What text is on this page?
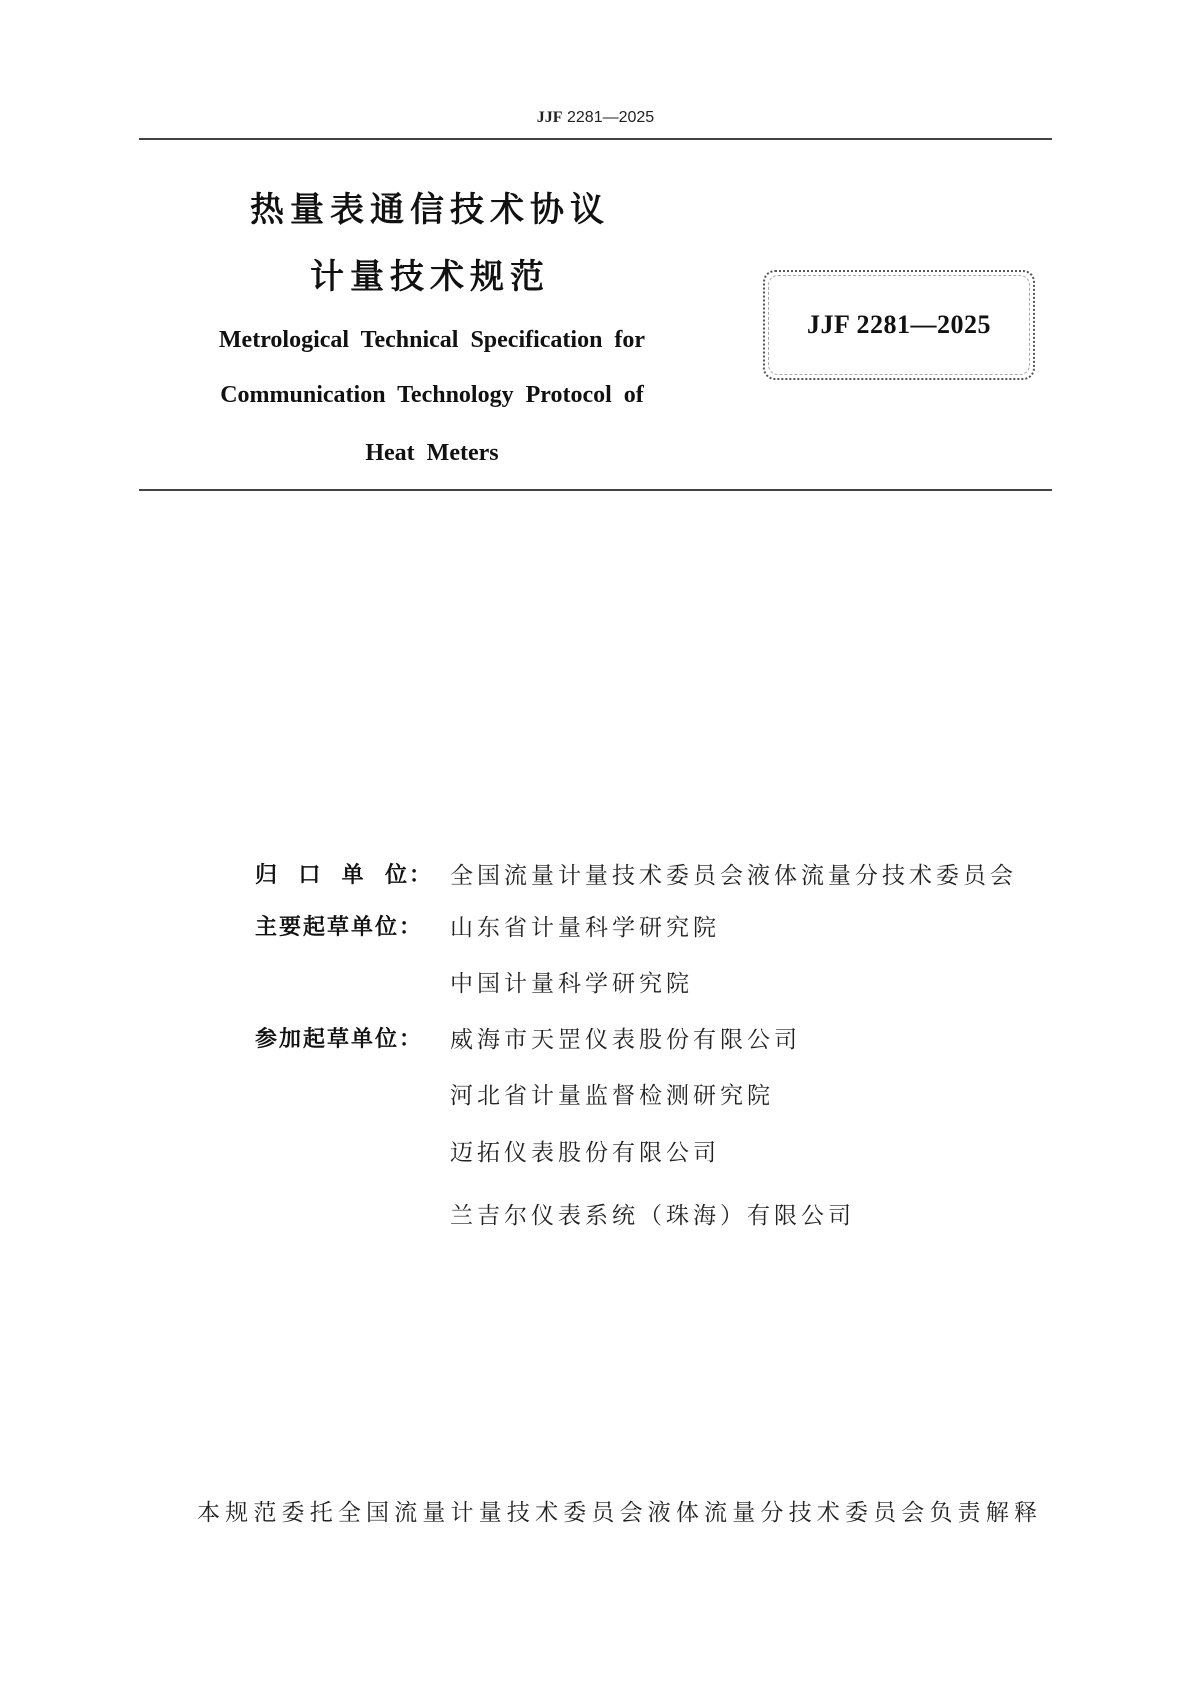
JJF 2281—2025
热量表通信技术协议
计量技术规范
Metrological Technical Specification for
Communication Technology Protocol of
Heat Meters
JJF 2281—2025
归  口  单  位： 全国流量计量技术委员会液体流量分技术委员会
主要起草单位：	山东省计量科学研究院
中国计量科学研究院
参加起草单位：	威海市天罡仪表股份有限公司
河北省计量监督检测研究院
迈拓仪表股份有限公司
兰吉尔仪表系统（珠海）有限公司
本规范委托全国流量计量技术委员会液体流量分技术委员会负责解释
